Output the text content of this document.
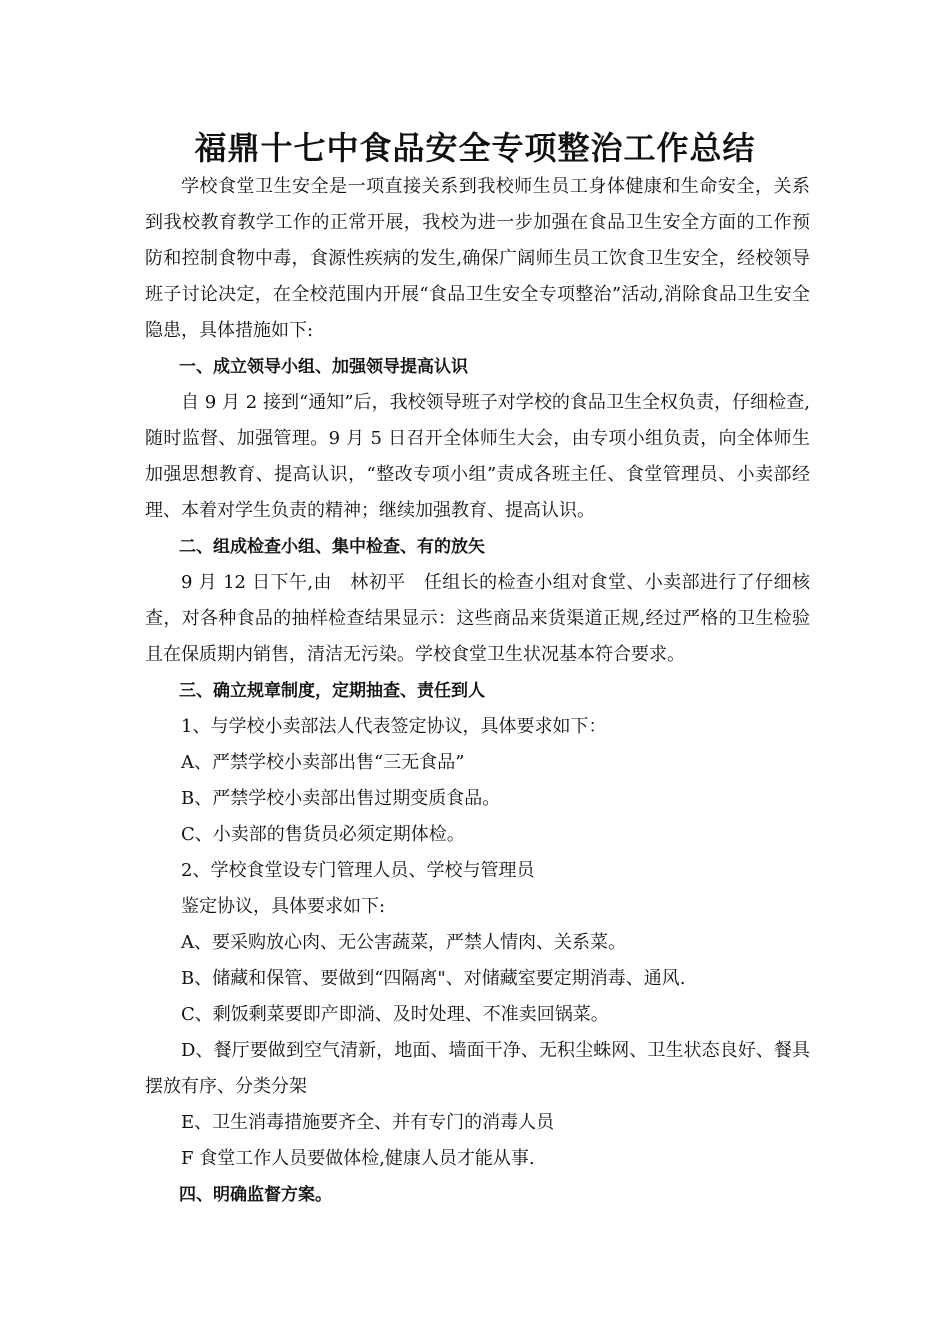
福鼎十七中食品安全专项整治工作总结

学校食堂卫生安全是一项直接关系到我校师生员工身体健康和生命安全，关系到我校教育教学工作的正常开展，我校为进一步加强在食品卫生安全方面的工作预防和控制食物中毒，食源性疾病的发生,确保广阔师生员工饮食卫生安全，经校领导班子讨论决定，在全校范围内开展“食品卫生安全专项整治”活动,消除食品卫生安全隐患，具体措施如下:

一、成立领导小组、加强领导提高认识

自 9 月 2 接到“通知”后，我校领导班子对学校的食品卫生全权负责，仔细检查,随时监督、加强管理。9 月 5 日召开全体师生大会，由专项小组负责，向全体师生加强思想教育、提高认识，“整改专项小组”责成各班主任、食堂管理员、小卖部经理、本着对学生负责的精神；继续加强教育、提高认识。

二、组成检查小组、集中检查、有的放矢

9 月 12 日下午,由　林初平　任组长的检查小组对食堂、小卖部进行了仔细核查，对各种食品的抽样检查结果显示：这些商品来货渠道正规,经过严格的卫生检验且在保质期内销售，清洁无污染。学校食堂卫生状况基本符合要求。

三、确立规章制度，定期抽查、责任到人

1、与学校小卖部法人代表签定协议，具体要求如下：

A、严禁学校小卖部出售“三无食品”

B、严禁学校小卖部出售过期变质食品。

C、小卖部的售货员必须定期体检。

2、学校食堂设专门管理人员、学校与管理员

鉴定协议，具体要求如下:

A、要采购放心肉、无公害蔬菜，严禁人情肉、关系菜。

B、储藏和保管、要做到“四隔离"、对储藏室要定期消毒、通风.

C、剩饭剩菜要即产即淌、及时处理、不准卖回锅菜。

D、餐厅要做到空气清新，地面、墙面干净、无积尘蛛网、卫生状态良好、餐具摆放有序、分类分架

E、卫生消毒措施要齐全、并有专门的消毒人员

F 食堂工作人员要做体检,健康人员才能从事.

四、明确监督方案。
